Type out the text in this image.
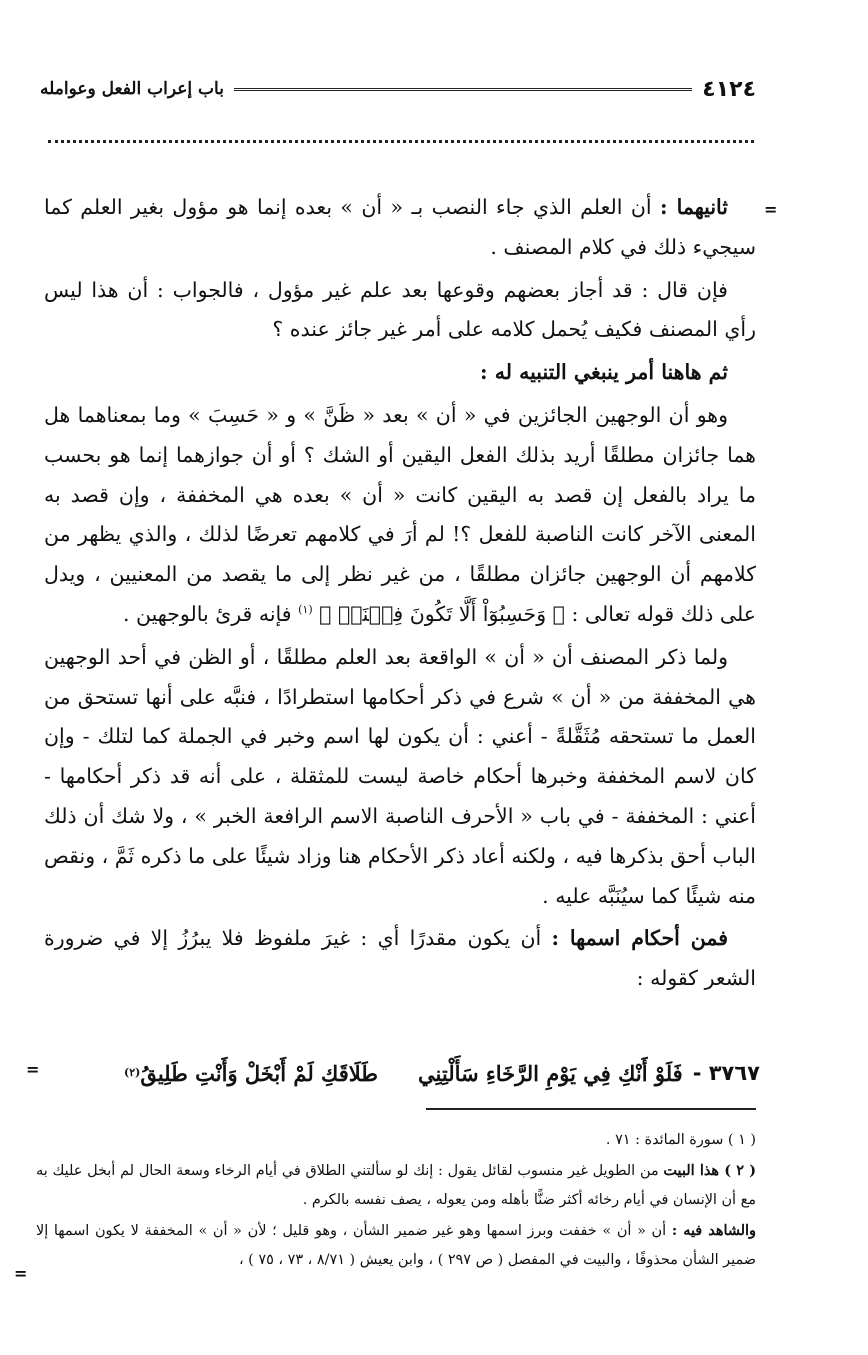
٤١٢٤
باب إعراب الفعل وعوامله
=

ثانيهما : أن العلم الذي جاء النصب بـ « أن » بعده إنما هو مؤول بغير العلم كما سيجيء ذلك في كلام المصنف .

فإن قال : قد أجاز بعضهم وقوعها بعد علم غير مؤول ، فالجواب : أن هذا ليس رأي المصنف فكيف يُحمل كلامه على أمر غير جائز عنده ؟

ثم هاهنا أمر ينبغي التنبيه له :

وهو أن الوجهين الجائزين في « أن » بعد « ظَنَّ » و « حَسِبَ » وما بمعناهما هل هما جائزان مطلقًا أريد بذلك الفعل اليقين أو الشك ؟ أو أن جوازهما إنما هو بحسب ما يراد بالفعل إن قصد به اليقين كانت « أن » بعده هي المخففة ، وإن قصد به المعنى الآخر كانت الناصبة للفعل ؟! لم أرَ في كلامهم تعرضًا لذلك ، والذي يظهر من كلامهم أن الوجهين جائزان مطلقًا ، من غير نظر إلى ما يقصد من المعنيين ، ويدل على ذلك قوله تعالى : ﴿ وَحَسِبُوٓاْ أَلَّا تَكُونَ فِتۡنَةٞ ﴾ $^{(١)}$ فإنه قرئ بالوجهين .

ولما ذكر المصنف أن « أن » الواقعة بعد العلم مطلقًا ، أو الظن في أحد الوجهين هي المخففة من « أن » شرع في ذكر أحكامها استطرادًا ، فنبَّه على أنها تستحق من العمل ما تستحقه مُثَقَّلةً - أعني : أن يكون لها اسم وخبر في الجملة كما لتلك - وإن كان لاسم المخففة وخبرها أحكام خاصة ليست للمثقلة ، على أنه قد ذكر أحكامها - أعني : المخففة - في باب « الأحرف الناصبة الاسم الرافعة الخبر » ، ولا شك أن ذلك الباب أحق بذكرها فيه ، ولكنه أعاد ذكر الأحكام هنا وزاد شيئًا على ما ذكره ثَمَّ ، ونقص منه شيئًا كما سيُنَبَّه عليه .

فمن أحكام اسمها : أن يكون مقدرًا أي : غيرَ ملفوظ فلا يبرُزُ إلا في ضرورة الشعر كقوله :

٣٧٦٧ -
فَلَوْ أَنْكِ فِي يَوْمِ الرَّخَاءِ سَأَلْتِنِي
طَلَاقَكِ لَمْ أَبْخَلْ وَأَنْتِ طَلِيقُ
(٢)
=

( ١ ) سورة المائدة : ٧١ .

( ٢ ) هذا البيت من الطويل غير منسوب لقائل يقول : إنك لو سألتني الطلاق في أيام الرخاء وسعة الحال لم أبخل عليك به مع أن الإنسان في أيام رخائه أكثر ضنًّا بأهله ومن يعوله ، يصف نفسه بالكرم .

والشاهد فيه : أن « أن » خففت وبرز اسمها وهو غير ضمير الشأن ، وهو قليل ؛ لأن « أن » المخففة لا يكون اسمها إلا ضمير الشأن محذوفًا ، والبيت في المفصل ( ص ٢٩٧ ) ، وابن يعيش ( ٨/٧١ ، ٧٣ ، ٧٥ ) ،

=
